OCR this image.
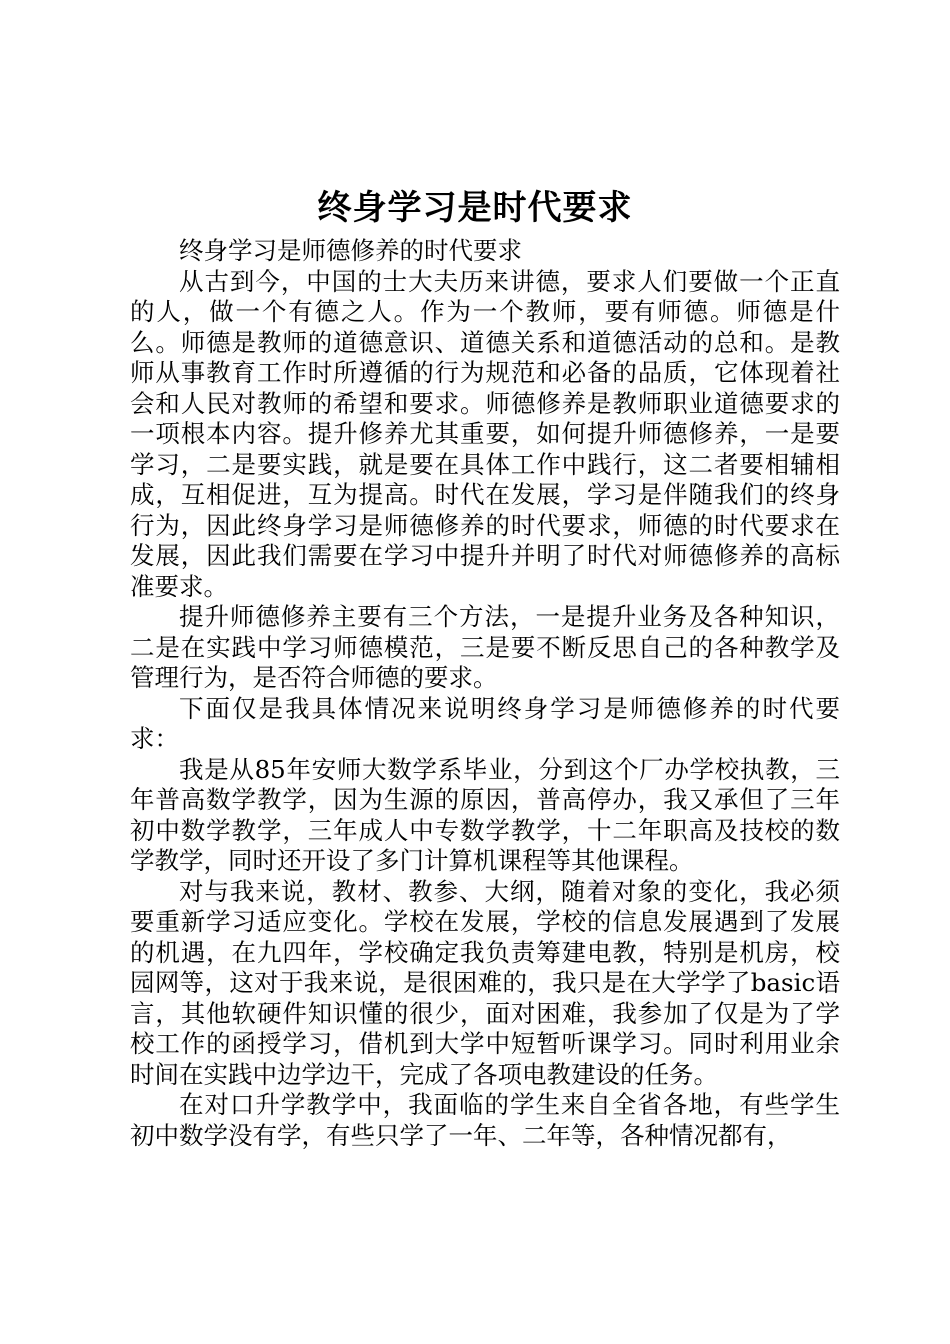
终身学习是时代要求

终身学习是师德修养的时代要求

从古到今，中国的士大夫历来讲德，要求人们要做一个正直的人，做一个有德之人。作为一个教师，要有师德。师德是什么。师德是教师的道德意识、道德关系和道德活动的总和。是教师从事教育工作时所遵循的行为规范和必备的品质，它体现着社会和人民对教师的希望和要求。师德修养是教师职业道德要求的一项根本内容。提升修养尤其重要，如何提升师德修养，一是要学习，二是要实践，就是要在具体工作中践行，这二者要相辅相成，互相促进，互为提高。时代在发展，学习是伴随我们的终身行为，因此终身学习是师德修养的时代要求，师德的时代要求在发展，因此我们需要在学习中提升并明了时代对师德修养的高标准要求。

提升师德修养主要有三个方法，一是提升业务及各种知识，二是在实践中学习师德模范，三是要不断反思自己的各种教学及管理行为，是否符合师德的要求。

下面仅是我具体情况来说明终身学习是师德修养的时代要求：

我是从85年安师大数学系毕业，分到这个厂办学校执教，三年普高数学教学，因为生源的原因，普高停办，我又承但了三年初中数学教学，三年成人中专数学教学，十二年职高及技校的数学教学，同时还开设了多门计算机课程等其他课程。

对与我来说，教材、教参、大纲，随着对象的变化，我必须要重新学习适应变化。学校在发展，学校的信息发展遇到了发展的机遇，在九四年，学校确定我负责筹建电教，特别是机房，校园网等，这对于我来说，是很困难的，我只是在大学学了basic语言，其他软硬件知识懂的很少，面对困难，我参加了仅是为了学校工作的函授学习，借机到大学中短暂听课学习。同时利用业余时间在实践中边学边干，完成了各项电教建设的任务。

在对口升学教学中，我面临的学生来自全省各地，有些学生初中数学没有学，有些只学了一年、二年等，各种情况都有，
